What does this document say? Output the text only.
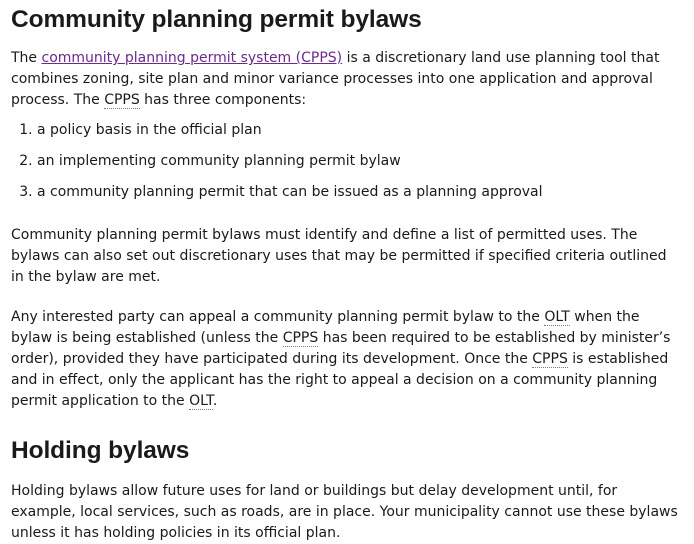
Community planning permit bylaws

The community planning permit system (CPPS) is a discretionary land use planning tool that combines zoning, site plan and minor variance processes into one application and approval process. The CPPS has three components:

1. a policy basis in the official plan
2. an implementing community planning permit bylaw
3. a community planning permit that can be issued as a planning approval

Community planning permit bylaws must identify and define a list of permitted uses. The bylaws can also set out discretionary uses that may be permitted if specified criteria outlined in the bylaw are met.

Any interested party can appeal a community planning permit bylaw to the OLT when the bylaw is being established (unless the CPPS has been required to be established by minister’s order), provided they have participated during its development. Once the CPPS is established and in effect, only the applicant has the right to appeal a decision on a community planning permit application to the OLT.

Holding bylaws

Holding bylaws allow future uses for land or buildings but delay development until, for example, local services, such as roads, are in place. Your municipality cannot use these bylaws unless it has holding policies in its official plan.
